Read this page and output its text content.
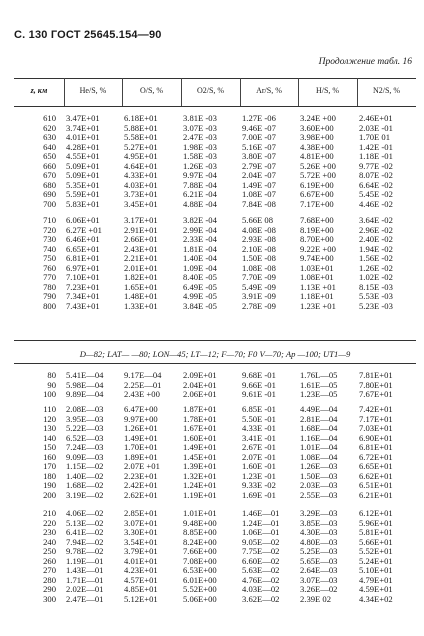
С. 130 ГОСТ 25645.154—90
Продолжение табл. 16
z, км	He/S, %	O/S, %	O2/S, %	Ar/S, %	H/S, %	N2/S, %
610	3.47E+01	6.18E+01	3.81E -03	1.27E -06	3.24E +00	2.46E+01
620	3.74E+01	5.88E+01	3.07E -03	9.46E -07	3.60E+00	2.03E -01
630	4.01E+01	5.58E+01	2.47E -03	7.00E -07	3.98E+00	1.70E 01
640	4.28E+01	5.27E+01	1.98E -03	5.16E -07	4.38E+00	1.42E -01
650	4.55E+01	4.95E+01	1.58E -03	3.80E -07	4.81E+00	1.18E -01
660	5.09E+01	4.64E+01	1.26E -03	2.79E -07	5.26E +00	9.77E -02
670	5.09E+01	4.33E+01	9.97E -04	2.04E -07	5.72E +00	8.07E -02
680	5.35E+01	4.03E+01	7.88E -04	1.49E -07	6.19E+00	6.64E -02
690	5.59E+01	3.73E+01	6.21E -04	1.08E -07	6.67E+00	5.45E -02
700	5.83E+01	3.45E+01	4.88E -04	7.84E -08	7.17E+00	4.46E -02
710	6.06E+01	3.17E+01	3.82E -04	5.66E 08	7.68E+00	3.64E -02
720	6.27E +01	2.91E+01	2.99E -04	4.08E -08	8.19E+00	2.96E -02
730	6.46E+01	2.66E+01	2.33E -04	2.93E -08	8.70E+00	2.40E -02
740	6.65E+01	2.43E+01	1.81E -04	2.10E -08	9.22E +00	1.94E -02
750	6.81E+01	2.21E+01	1.40E -04	1.50E -08	9.74E+00	1.56E -02
760	6.97E+01	2.01E+01	1.09E -04	1.08E -08	1.03E+01	1.26E -02
770	7.10E+01	1.82E+01	8.40E -05	7.70E -09	1.08E+01	1.02E -02
780	7.23E+01	1.65E+01	6.49E -05	5.49E -09	1.13E +01	8.15E -03
790	7.34E+01	1.48E+01	4.99E -05	3.91E -09	1.18E+01	5.53E -03
800	7.43E+01	1.33E+01	3.84E -05	2.78E -09	1.23E +01	5.23E -03
D—82; LAT— —80; LON—45; LT—12; F—70; F0 V—70; Ap —100; UT1—9
80	5.41E—04	9.17E—04	2.09E+01	9.68E -01	1.76L—05	7.81E+01
90	5.98E—04	2.25E—01	2.04E+01	9.66E -01	1.61E—05	7.80E+01
100	9.89E—04	2.43E +00	2.06E+01	9.61E -01	1.23E—05	7.67E+01
110	2.08E—03	6.47E+00	1.87E+01	6.85E -01	4.49E—04	7.42E+01
120	3.95E—03	9.97E+00	1.78E+01	5.50E -01	2.81E—04	7.17E+01
130	5.22E—03	1.26E+01	1.67E+01	4.33E -01	1.68E—04	7.03E+01
140	6.52E—03	1.49E+01	1.60E+01	3.41E -01	1.16E—04	6.90E+01
150	7.24E—03	1.70E+01	1.49E+01	2.67E -01	1.01E—04	6.81E+01
160	9.09E—03	1.89E+01	1.45E+01	2.07E -01	1.08E—04	6.72E+01
170	1.15E—02	2.07E +01	1.39E+01	1.60E -01	1.26E—03	6.65E+01
180	1.40E—02	2.23E+01	1.32E+01	1.23E -01	1.50E—03	6.62E+01
190	1.68E—02	2.42E+01	1.24E+01	9.33E -02	2.03E—03	6.51E+01
200	3.19E—02	2.62E+01	1.19E+01	1.69E -01	2.55E—03	6.21E+01
210	4.06E—02	2.85E+01	1.01E+01	1.46E—01	3.29E—03	6.12E+01
220	5.13E—02	3.07E+01	9.48E+00	1.24E—01	3.85E—03	5.96E+01
230	6.41E—02	3.30E+01	8.85E+00	1.06E—01	4.30E—03	5.81E+01
240	7.94E—02	3.54E+01	8.24E+00	9.05E—02	4.80E—03	5.66E+01
250	9.78E—02	3.79E+01	7.66E+00	7.75E—02	5.25E—03	5.52E+01
260	1.19E—01	4.01E+01	7.08E+00	6.60E—02	5.65E—03	5.24E+01
270	1.43E—01	4.23E+01	6.53E+00	5.63E—02	2.64E—03	5.10E+01
280	1.71E—01	4.57E+01	6.01E+00	4.76E—02	3.07E—03	4.79E+01
290	2.02E—01	4.85E+01	5.52E+00	4.03E—02	3.26E—02	4.59E+01
300	2.47E—01	5.12E+01	5.06E+00	3.62E—02	2.39E 02	4.34E+02
